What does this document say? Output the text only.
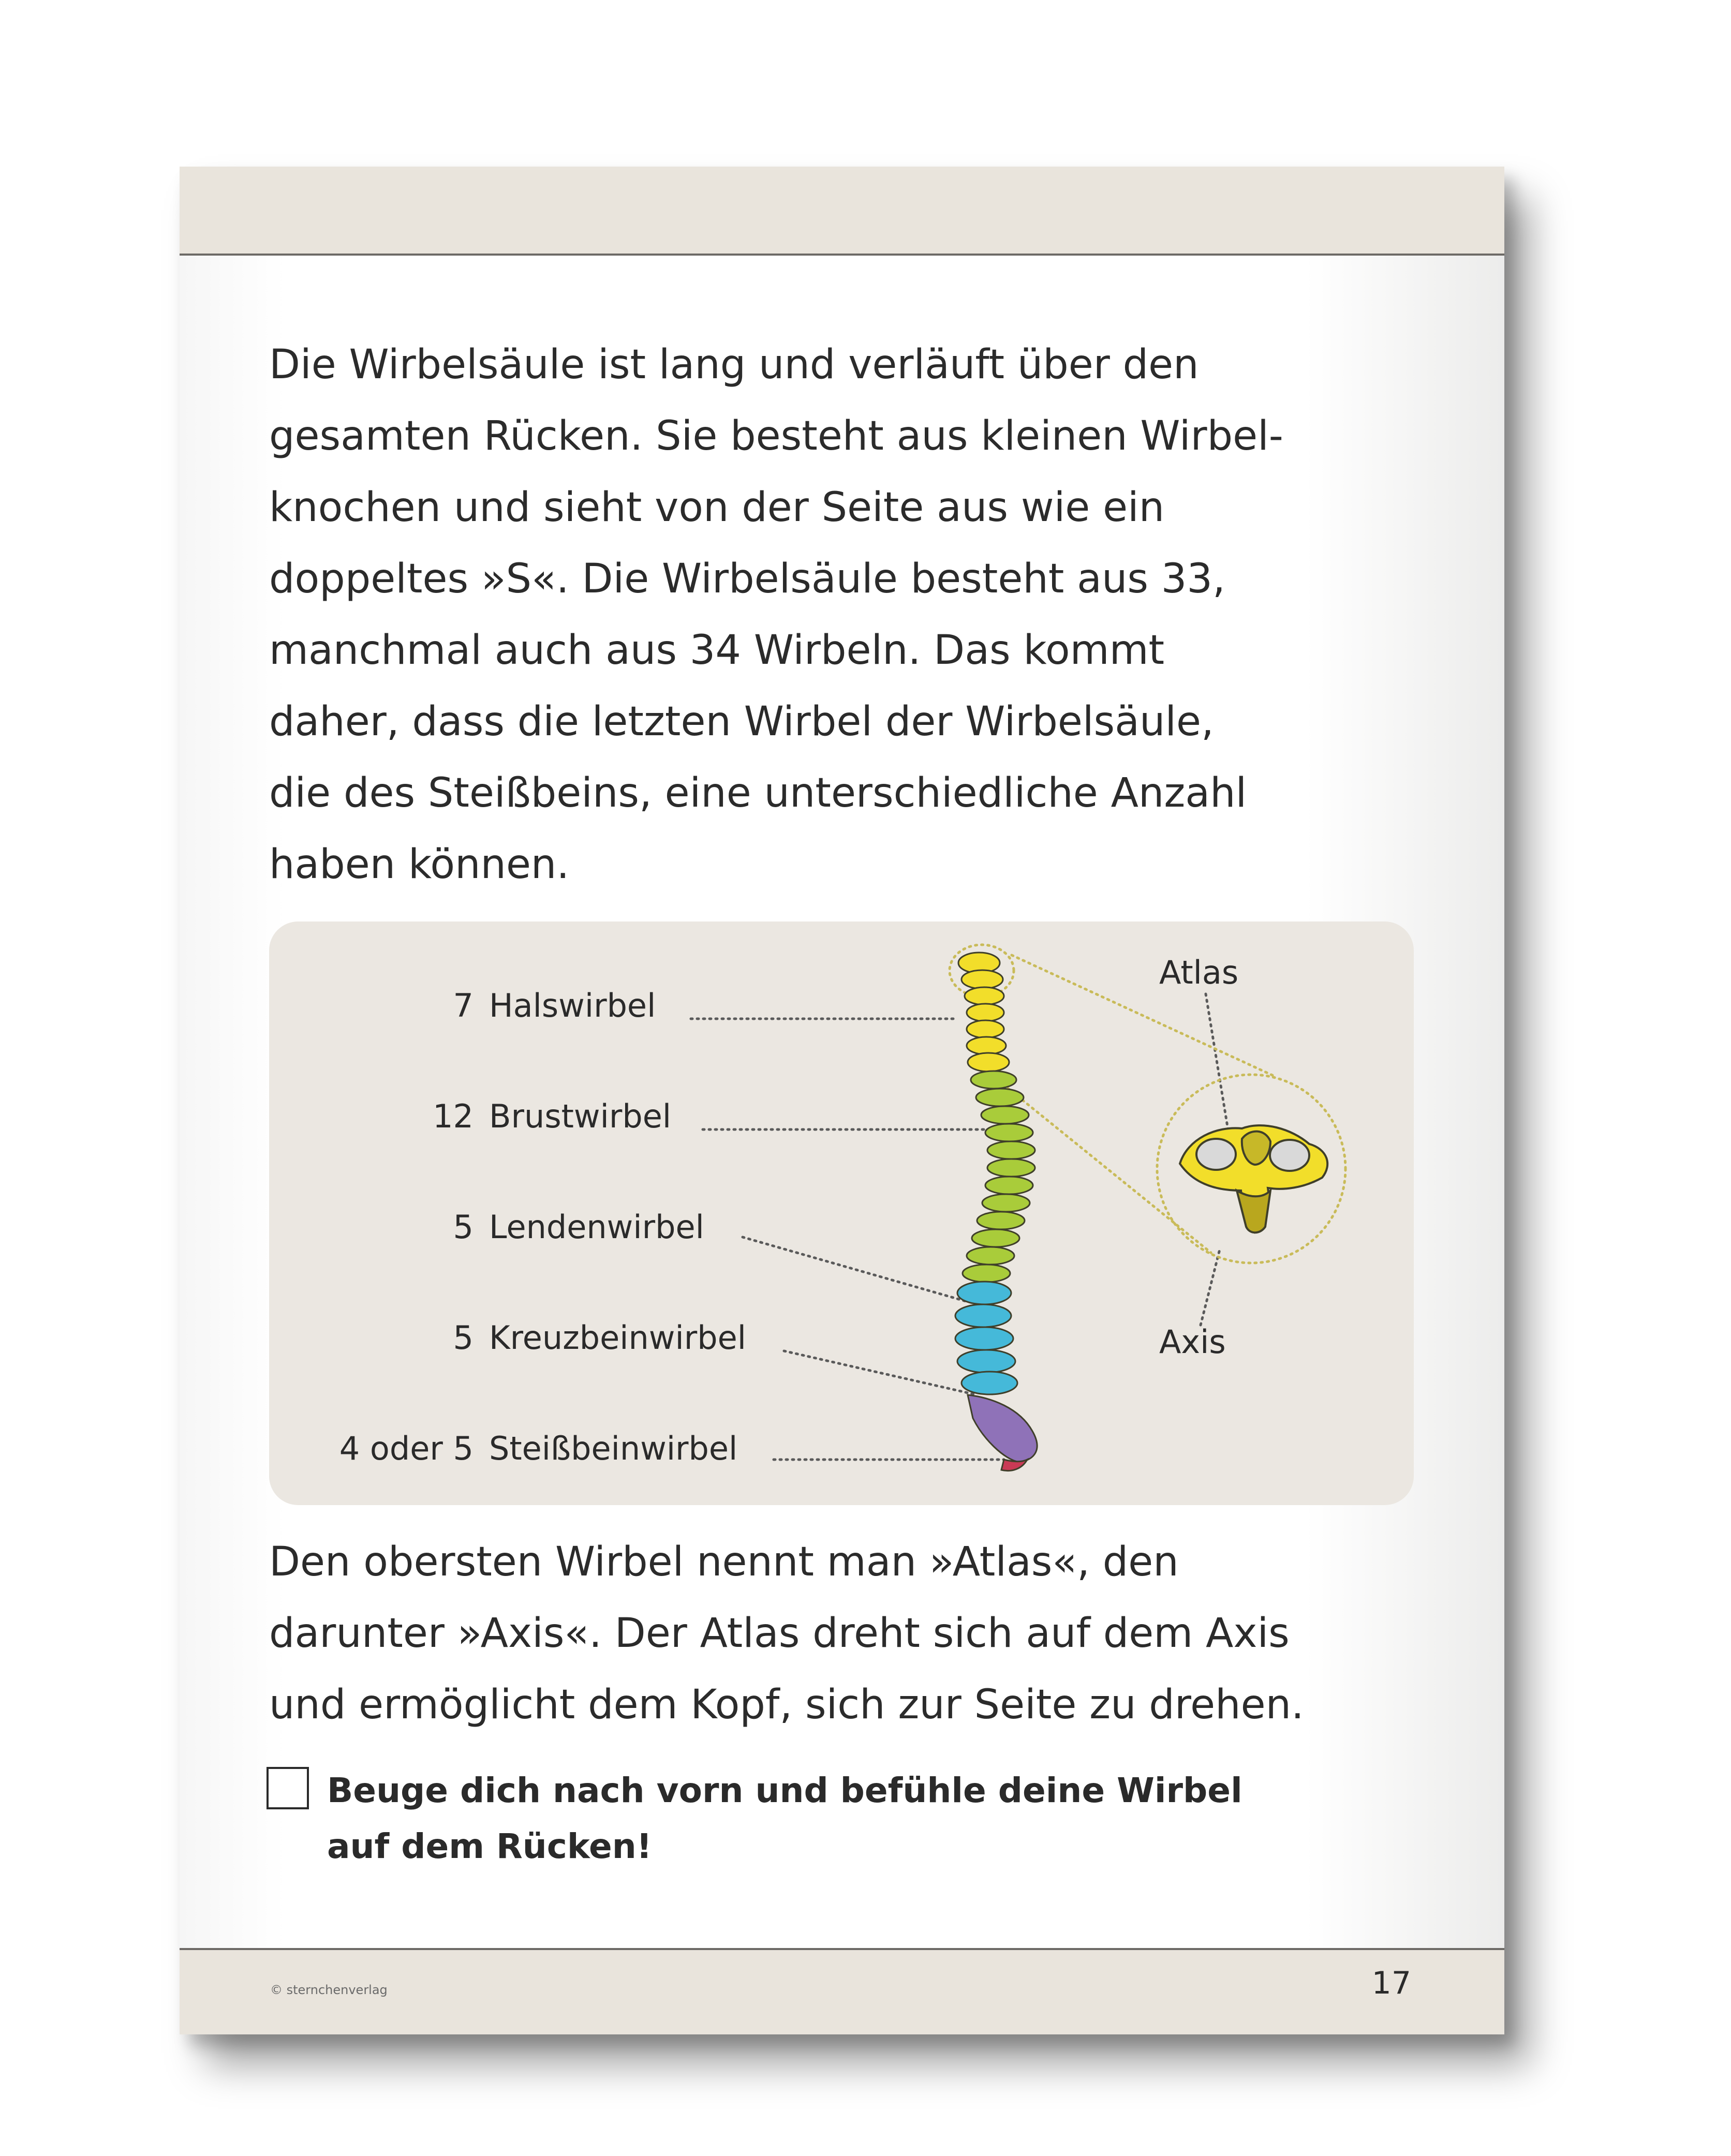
Die Wirbelsäule ist lang und verläuft über den
gesamten Rücken. Sie besteht aus kleinen Wirbel-
knochen und sieht von der Seite aus wie ein
doppeltes »S«. Die Wirbelsäule besteht aus 33,
manchmal auch aus 34 Wirbeln. Das kommt
daher, dass die letzten Wirbel der Wirbelsäule,
die des Steißbeins, eine unterschiedliche Anzahl
haben können.
7 Halswirbel
12 Brustwirbel
5 Lendenwirbel
5 Kreuzbeinwirbel
4 oder 5 Steißbeinwirbel
Atlas
Axis
Den obersten Wirbel nennt man »Atlas«, den
darunter »Axis«. Der Atlas dreht sich auf dem Axis
und ermöglicht dem Kopf, sich zur Seite zu drehen.
Beuge dich nach vorn und befühle deine Wirbel
auf dem Rücken!
© sternchenverlag	17
